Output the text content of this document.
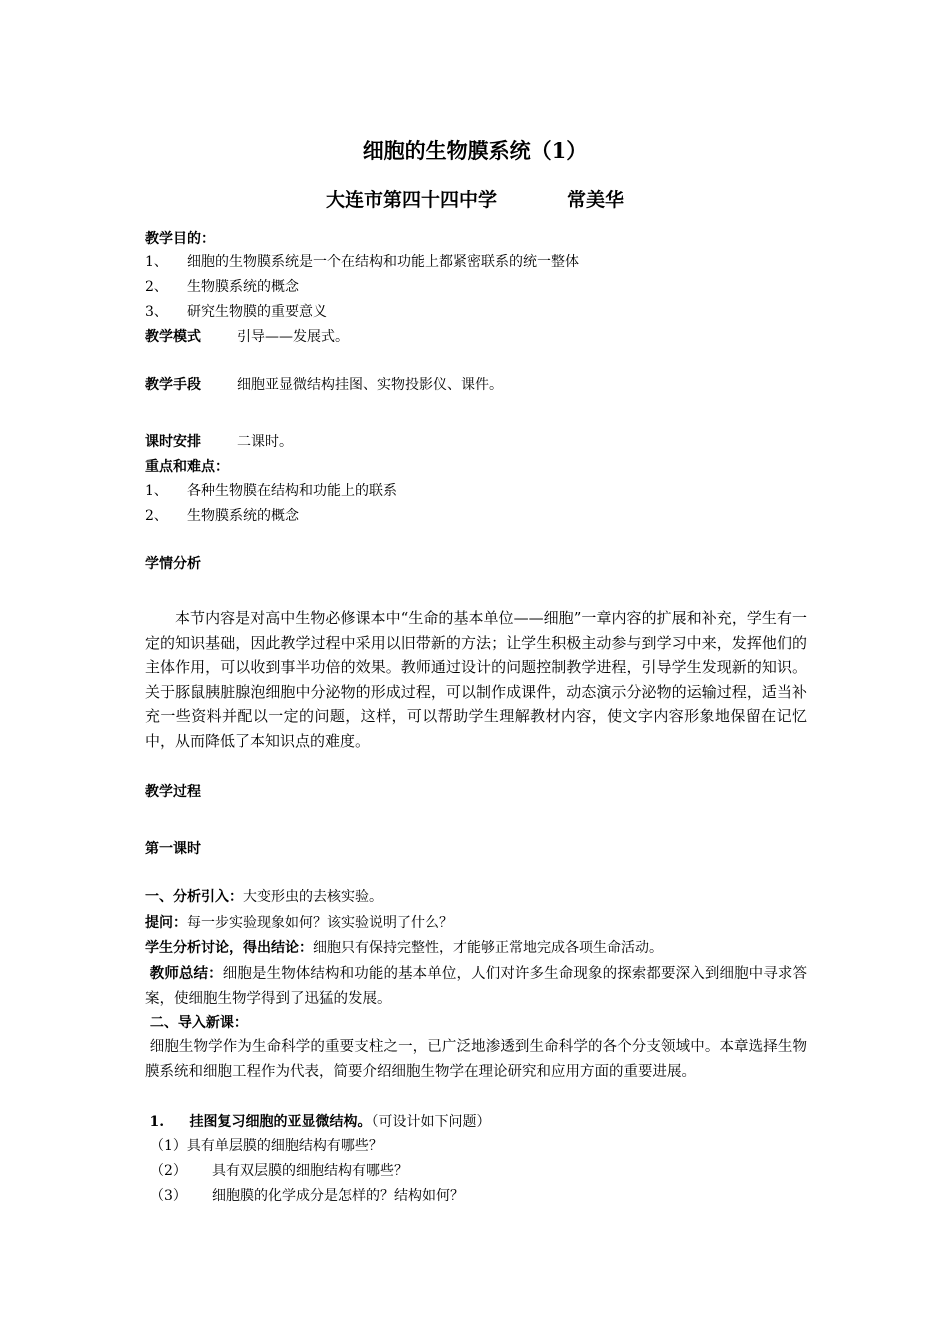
细胞的生物膜系统（1）
大连市第四十四中学	常美华
教学目的：
1、 细胞的生物膜系统是一个在结构和功能上都紧密联系的统一整体
2、 生物膜系统的概念
3、 研究生物膜的重要意义
教学模式	引导——发展式。
教学手段	细胞亚显微结构挂图、实物投影仪、课件。
课时安排	二课时。
重点和难点：
1、 各种生物膜在结构和功能上的联系
2、 生物膜系统的概念
学情分析
本节内容是对高中生物必修课本中“生命的基本单位——细胞”一章内容的扩展和补充，学生有一定的知识基础，因此教学过程中采用以旧带新的方法；让学生积极主动参与到学习中来，发挥他们的主体作用，可以收到事半功倍的效果。教师通过设计的问题控制教学进程，引导学生发现新的知识。关于豚鼠胰脏腺泡细胞中分泌物的形成过程，可以制作成课件，动态演示分泌物的运输过程，适当补充一些资料并配以一定的问题，这样，可以帮助学生理解教材内容，使文字内容形象地保留在记忆中，从而降低了本知识点的难度。
教学过程
第一课时
一、分析引入：大变形虫的去核实验。
提问：每一步实验现象如何？该实验说明了什么？
学生分析讨论，得出结论：细胞只有保持完整性，才能够正常地完成各项生命活动。
教师总结：细胞是生物体结构和功能的基本单位，人们对许多生命现象的探索都要深入到细胞中寻求答案，使细胞生物学得到了迅猛的发展。
二、导入新课：
细胞生物学作为生命科学的重要支柱之一，已广泛地渗透到生命科学的各个分支领域中。本章选择生物膜系统和细胞工程作为代表，简要介绍细胞生物学在理论研究和应用方面的重要进展。
1. 挂图复习细胞的亚显微结构。（可设计如下问题）
（1）具有单层膜的细胞结构有哪些？
（2） 具有双层膜的细胞结构有哪些？
（3） 细胞膜的化学成分是怎样的？结构如何？
